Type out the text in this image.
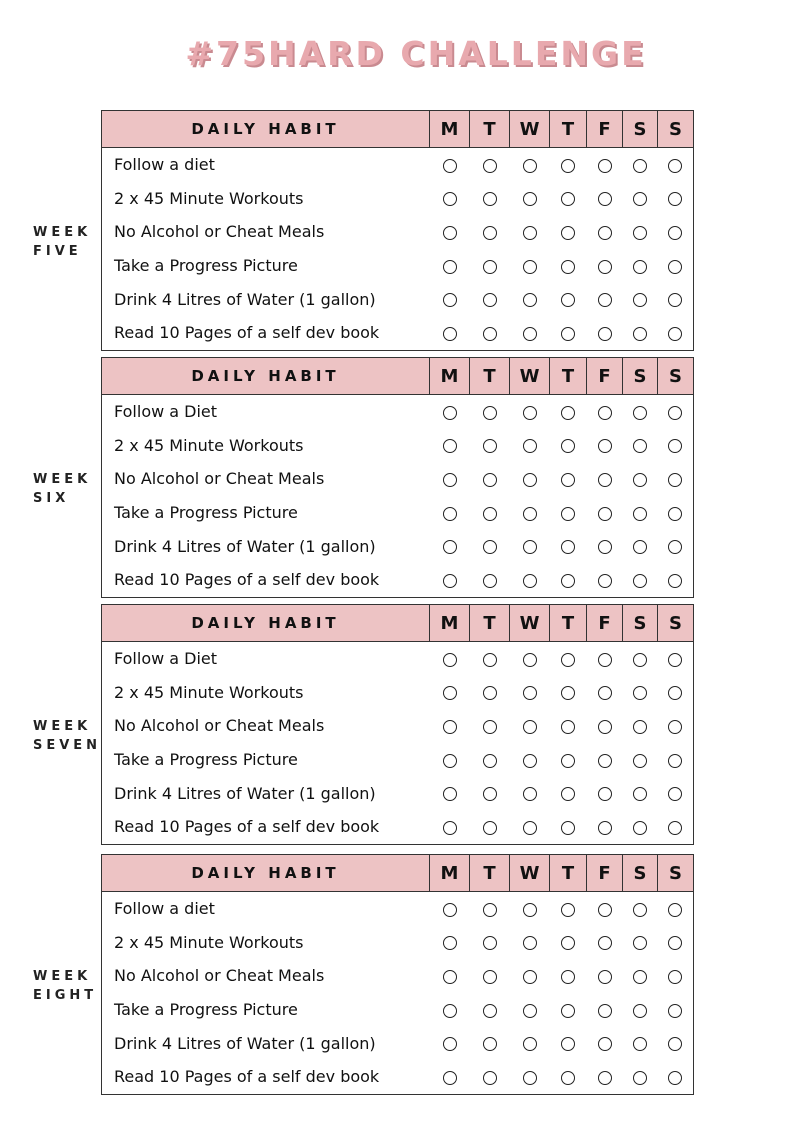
#75HARD CHALLENGE
WEEK
FIVE
DAILY HABIT	M	T	W	T	F	S	S
Follow a diet							
2 x 45 Minute Workouts							
No Alcohol or Cheat Meals							
Take a Progress Picture							
Drink 4 Litres of Water (1 gallon)							
Read 10 Pages of a self dev book							
WEEK
SIX
DAILY HABIT	M	T	W	T	F	S	S
Follow a Diet							
2 x 45 Minute Workouts							
No Alcohol or Cheat Meals							
Take a Progress Picture							
Drink 4 Litres of Water (1 gallon)							
Read 10 Pages of a self dev book							
WEEK
SEVEN
DAILY HABIT	M	T	W	T	F	S	S
Follow a Diet							
2 x 45 Minute Workouts							
No Alcohol or Cheat Meals							
Take a Progress Picture							
Drink 4 Litres of Water (1 gallon)							
Read 10 Pages of a self dev book							
WEEK
EIGHT
DAILY HABIT	M	T	W	T	F	S	S
Follow a diet							
2 x 45 Minute Workouts							
No Alcohol or Cheat Meals							
Take a Progress Picture							
Drink 4 Litres of Water (1 gallon)							
Read 10 Pages of a self dev book							
